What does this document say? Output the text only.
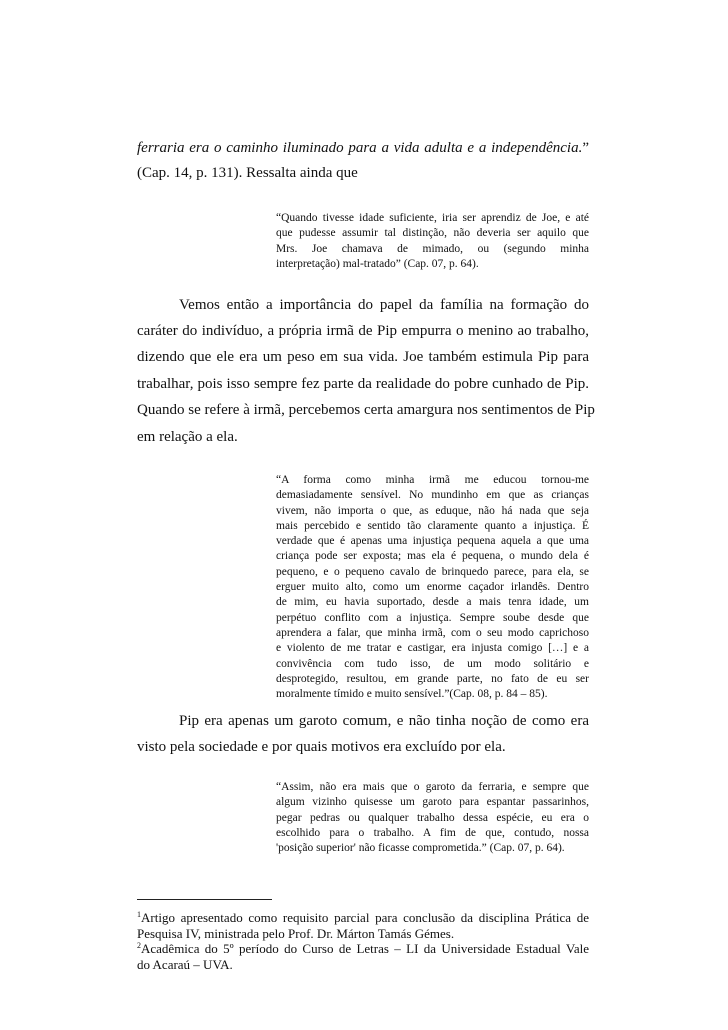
ferraria era o caminho iluminado para a vida adulta e a independência.”
(Cap. 14, p. 131). Ressalta ainda que
“Quando tivesse idade suficiente, iria ser aprendiz de Joe, e até
que pudesse assumir tal distinção, não deveria ser aquilo que
Mrs. Joe chamava de mimado, ou (segundo minha
interpretação) mal-tratado” (Cap. 07, p. 64).
Vemos então a importância do papel da família na formação do
caráter do indivíduo, a própria irmã de Pip empurra o menino ao trabalho,
dizendo que ele era um peso em sua vida. Joe também estimula Pip para
trabalhar, pois isso sempre fez parte da realidade do pobre cunhado de Pip.
Quando se refere à irmã, percebemos certa amargura nos sentimentos de Pip
em relação a ela.
“A forma como minha irmã me educou tornou-me
demasiadamente sensível. No mundinho em que as crianças
vivem, não importa o que, as eduque, não há nada que seja
mais percebido e sentido tão claramente quanto a injustiça. É
verdade que é apenas uma injustiça pequena aquela a que uma
criança pode ser exposta; mas ela é pequena, o mundo dela é
pequeno, e o pequeno cavalo de brinquedo parece, para ela, se
erguer muito alto, como um enorme caçador irlandês. Dentro
de mim, eu havia suportado, desde a mais tenra idade, um
perpétuo conflito com a injustiça. Sempre soube desde que
aprendera a falar, que minha irmã, com o seu modo caprichoso
e violento de me tratar e castigar, era injusta comigo […] e a
convivência com tudo isso, de um modo solitário e
desprotegido, resultou, em grande parte, no fato de eu ser
moralmente tímido e muito sensível.”(Cap. 08, p. 84 – 85).
Pip era apenas um garoto comum, e não tinha noção de como era
visto pela sociedade e por quais motivos era excluído por ela.
“Assim, não era mais que o garoto da ferraria, e sempre que
algum vizinho quisesse um garoto para espantar passarinhos,
pegar pedras ou qualquer trabalho dessa espécie, eu era o
escolhido para o trabalho. A fim de que, contudo, nossa
'posição superior' não ficasse comprometida.” (Cap. 07, p. 64).
$^1$Artigo apresentado como requisito parcial para conclusão da disciplina Prática de
Pesquisa IV, ministrada pelo Prof. Dr. Márton Tamás Gémes.
$^2$Acadêmica do 5º período do Curso de Letras – LI da Universidade Estadual Vale
do Acaraú – UVA.
